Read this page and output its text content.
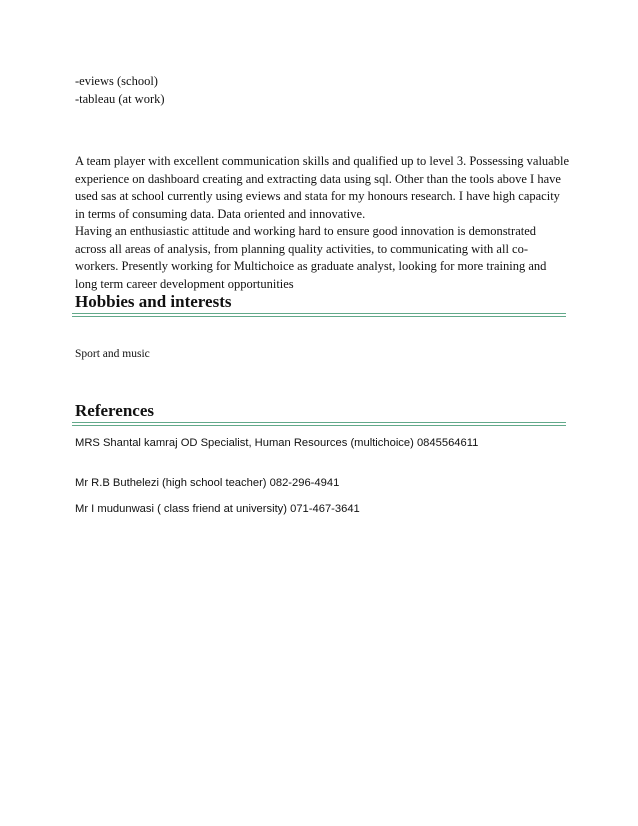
-eviews (school)
-tableau (at work)

A team player with excellent communication skills and qualified up to level 3. Possessing valuable experience on dashboard creating and extracting data using sql. Other than the tools above I have used sas at school currently using eviews and stata for my honours research. I have high capacity in terms of consuming data. Data oriented and innovative.

Having an enthusiastic attitude and working hard to ensure good innovation is demonstrated across all areas of analysis, from planning quality activities, to communicating with all co-workers. Presently working for Multichoice as graduate analyst, looking for more training and long term career development opportunities

Hobbies and interests
Sport and music
References
MRS Shantal kamraj OD Specialist, Human Resources (multichoice) 0845564611
Mr R.B Buthelezi (high school teacher) 082-296-4941
Mr I mudunwasi ( class friend at university) 071-467-3641
